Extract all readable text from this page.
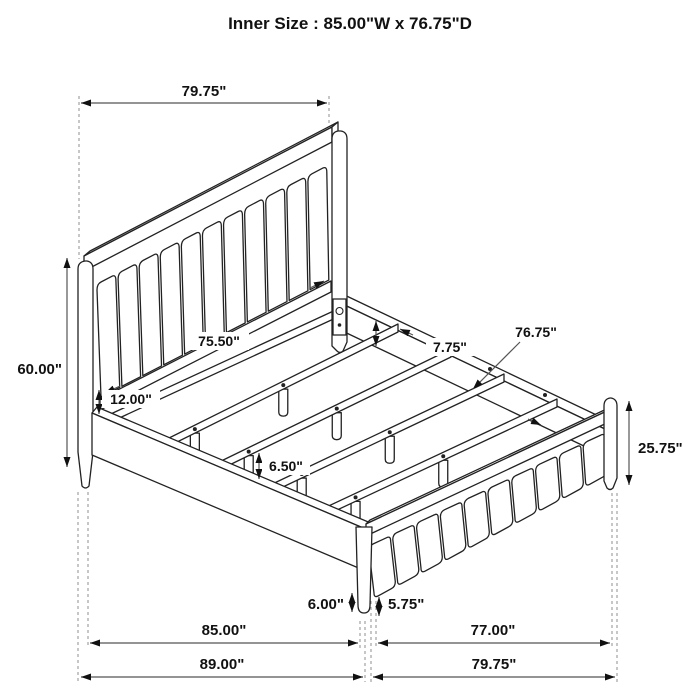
Inner Size : 85.00"W x 76.75"D
79.75"
60.00"
75.50"
12.00"
7.75"
76.75"
6.50"
25.75"
6.00"	5.75"
85.00"	77.00"
89.00"	79.75"
